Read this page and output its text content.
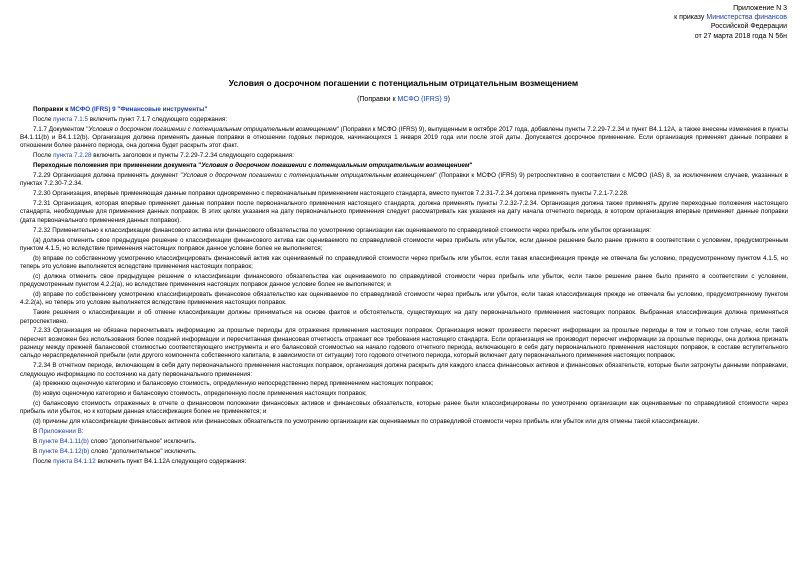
Приложение N 3
к приказу Министерства финансов
Российской Федерации
от 27 марта 2018 года N 56н
Условия о досрочном погашении с потенциальным отрицательным возмещением
(Поправки к МСФО (IFRS) 9)

Поправки к МСФО (IFRS) 9 "Финансовые инструменты"

После пункта 7.1.5 включить пункт 7.1.7 следующего содержания:

7.1.7 Документом "Условия о досрочном погашении с потенциальным отрицательным возмещением" (Поправки к МСФО (IFRS) 9), выпущенным в октябре 2017 года, добавлены пункты 7.2.29-7.2.34 и пункт B4.1.12A, а также внесены изменения в пункты B4.1.11(b) и B4.1.12(b). Организация должна применять данные поправки в отношении годовых периодов, начинающихся 1 января 2019 года или после этой даты. Допускается досрочное применение. Если организация применяет данные поправки в отношении более раннего периода, она должна будет раскрыть этот факт.

После пункта 7.2.28 включить заголовок и пункты 7.2.29-7.2.34 следующего содержания:

Переходные положения при применении документа "Условия о досрочном погашении с потенциальным отрицательным возмещением"

7.2.29 Организация должна применять документ "Условия о досрочном погашении с потенциальным отрицательным возмещением" (Поправки к МСФО (IFRS) 9) ретроспективно в соответствии с МСФО (IAS) 8, за исключением случаев, указанных в пунктах 7.2.30-7.2.34.

7.2.30 Организация, впервые применяющая данные поправки одновременно с первоначальным применением настоящего стандарта, вместо пунктов 7.2.31-7.2.34 должна применять пункты 7.2.1-7.2.28.

7.2.31 Организация, которая впервые применяет данные поправки после первоначального применения настоящего стандарта, должна применять пункты 7.2.32-7.2.34. Организация должна также применять другие переходные положения настоящего стандарта, необходимые для применения данных поправок. В этих целях указания на дату первоначального применения следует рассматривать как указания на дату начала отчетного периода, в котором организация впервые применяет данные поправки (дата первоначального применения данных поправок).

7.2.32 Применительно к классификации финансового актива или финансового обязательства по усмотрению организации как оцениваемого по справедливой стоимости через прибыль или убыток организация:

(a) должна отменить свое предыдущее решение о классификации финансового актива как оцениваемого по справедливой стоимости через прибыль или убыток, если данное решение было ранее принято в соответствии с условием, предусмотренным пунктом 4.1.5, но вследствие применения настоящих поправок данное условие более не выполняется;

(b) вправе по собственному усмотрению классифицировать финансовый актив как оцениваемый по справедливой стоимости через прибыль или убыток, если такая классификация прежде не отвечала бы условию, предусмотренному пунктом 4.1.5, но теперь это условие выполняется вследствие применения настоящих поправок;

(c) должна отменить свое предыдущее решение о классификации финансового обязательства как оцениваемого по справедливой стоимости через прибыль или убыток, если такое решение ранее было принято в соответствии с условием, предусмотренным пунктом 4.2.2(а), но вследствие применения настоящих поправок данное условие более не выполняется; и

(d) вправе по собственному усмотрению классифицировать финансовое обязательство как оцениваемое по справедливой стоимости через прибыль или убыток, если такая классификация прежде не отвечала бы условию, предусмотренному пунктом 4.2.2(а), но теперь это условие выполняется вследствие применения настоящих поправок.

Такие решения о классификации и об отмене классификации должны приниматься на основе фактов и обстоятельств, существующих на дату первоначального применения настоящих поправок. Выбранная классификация должна применяться ретроспективно.

7.2.33 Организация не обязана пересчитывать информацию за прошлые периоды для отражения применения настоящих поправок. Организация может произвести пересчет информации за прошлые периоды в том и только том случае, если такой пересчет возможен без использования более поздней информации и пересчитанная финансовая отчетность отражает все требования настоящего стандарта. Если организация не производит пересчет информации за прошлые периоды, она должна признать разницу между прежней балансовой стоимостью соответствующего инструмента и его балансовой стоимостью на начало годового отчетного периода, включающего в себя дату первоначального применения настоящих поправок, в составе вступительного сальдо нераспределенной прибыли (или другого компонента собственного капитала, в зависимости от ситуации) того годового отчетного периода, который включает дату первоначального применения настоящих поправок.

7.2.34 В отчетном периоде, включающем в себя дату первоначального применения настоящих поправок, организация должна раскрыть для каждого класса финансовых активов и финансовых обязательств, которые были затронуты данными поправками, следующую информацию по состоянию на дату первоначального применения:

(a) прежнюю оценочную категорию и балансовую стоимость, определенную непосредственно перед применением настоящих поправок;

(b) новую оценочную категорию и балансовую стоимость, определенную после применения настоящих поправок;

(c) балансовую стоимость отраженных в отчете о финансовом положении финансовых активов и финансовых обязательств, которые ранее были классифицированы по усмотрению организации как оцениваемые по справедливой стоимости через прибыль или убыток, но к которым данная классификация более не применяется; и

(d) причины для классификации финансовых активов или финансовых обязательств по усмотрению организации как оцениваемых по справедливой стоимости через прибыль или убыток или для отмены такой классификации.

В Приложении В:

В пункте B4.1.11(b) слово "дополнительное" исключить.

В пункте B4.1.12(b) слово "дополнительное" исключить.

После пункта B4.1.12 включить пункт B4.1.12A следующего содержания:
